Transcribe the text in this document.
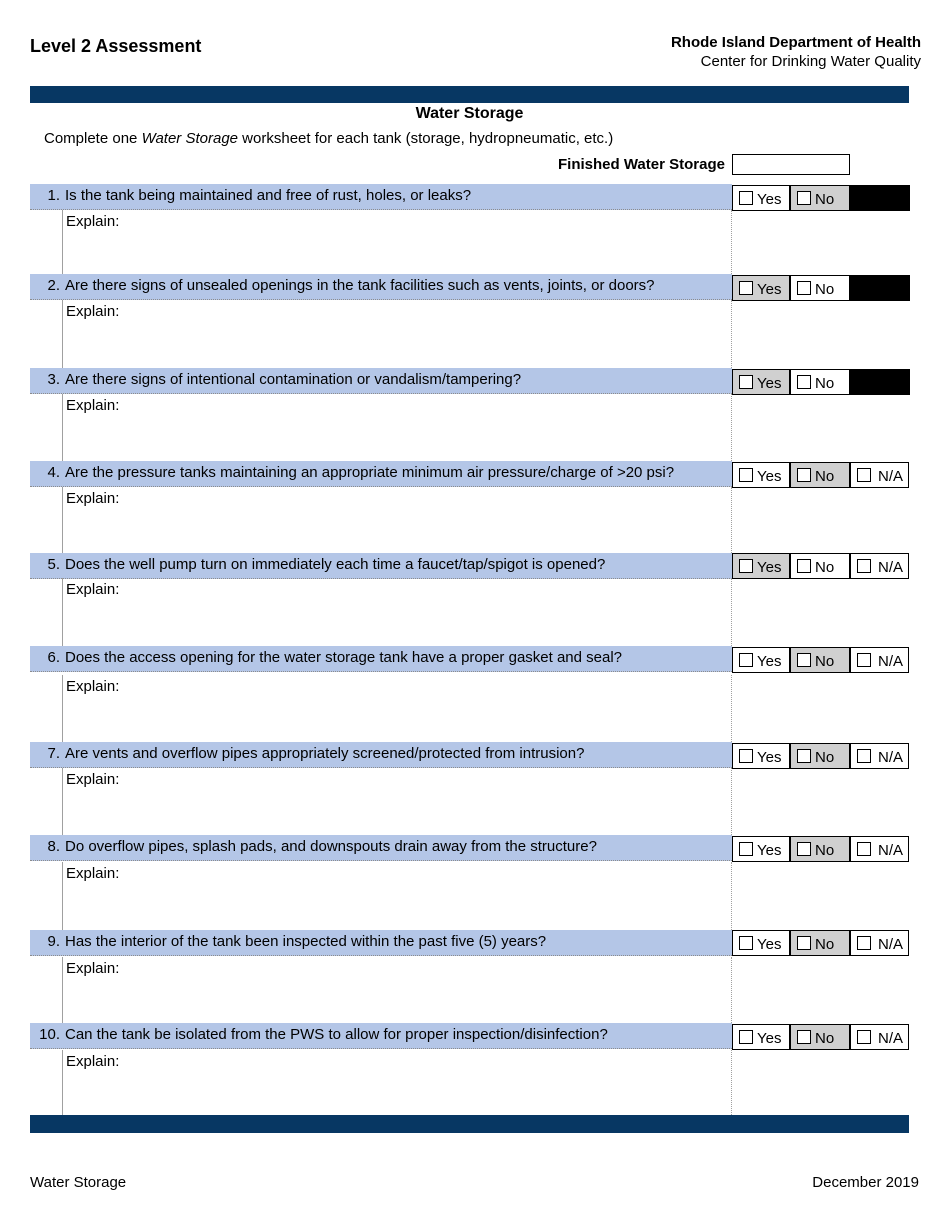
Level 2 Assessment	Rhode Island Department of Health
Center for Drinking Water Quality
Water Storage
Complete one Water Storage worksheet for each tank (storage, hydropneumatic, etc.)
Finished Water Storage
1. Is the tank being maintained and free of rust, holes, or leaks?	Yes No
Explain:
2. Are there signs of unsealed openings in the tank facilities such as vents, joints, or doors?	Yes No
Explain:
3. Are there signs of intentional contamination or vandalism/tampering?	Yes No
Explain:
4. Are the pressure tanks maintaining an appropriate minimum air pressure/charge of >20 psi?	Yes No	N/A
Explain:
5. Does the well pump turn on immediately each time a faucet/tap/spigot is opened?	Yes No	N/A
Explain:
6. Does the access opening for the water storage tank have a proper gasket and seal?	Yes No	N/A
Explain:
7. Are vents and overflow pipes appropriately screened/protected from intrusion?	Yes No	N/A
Explain:
8. Do overflow pipes, splash pads, and downspouts drain away from the structure?	Yes No	N/A
Explain:
9. Has the interior of the tank been inspected within the past five (5) years?	Yes No	N/A
Explain:
10. Can the tank be isolated from the PWS to allow for proper inspection/disinfection?	Yes No	N/A
Explain:
Water Storage	December 2019
